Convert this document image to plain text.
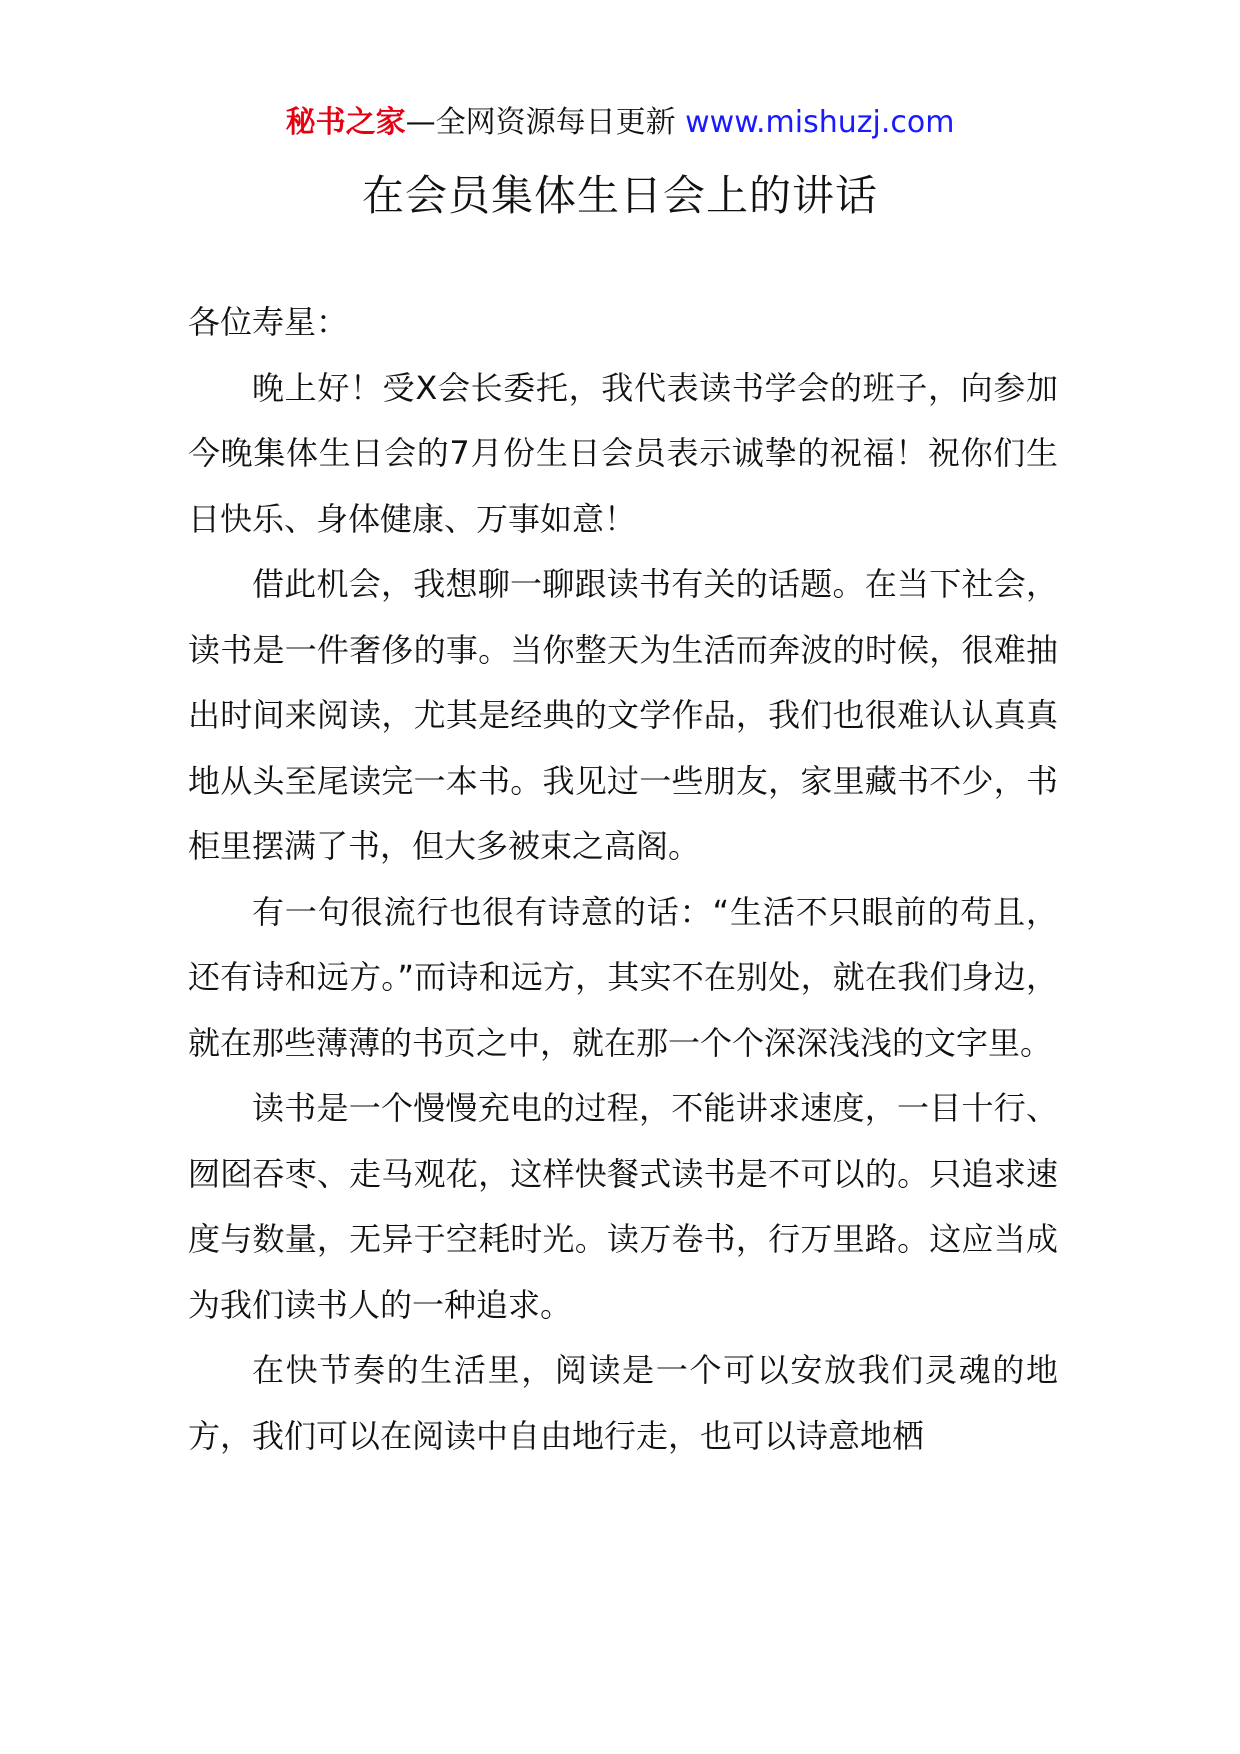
秘书之家—全网资源每日更新 www.mishuzj.com
在会员集体生日会上的讲话

各位寿星：

晚上好！受X会长委托，我代表读书学会的班子，向参加今晚集体生日会的7月份生日会员表示诚挚的祝福！祝你们生日快乐、身体健康、万事如意！

借此机会，我想聊一聊跟读书有关的话题。在当下社会，读书是一件奢侈的事。当你整天为生活而奔波的时候，很难抽出时间来阅读，尤其是经典的文学作品，我们也很难认认真真地从头至尾读完一本书。我见过一些朋友，家里藏书不少，书柜里摆满了书，但大多被束之高阁。

有一句很流行也很有诗意的话：“生活不只眼前的苟且，还有诗和远方。”而诗和远方，其实不在别处，就在我们身边，就在那些薄薄的书页之中，就在那一个个深深浅浅的文字里。

读书是一个慢慢充电的过程，不能讲求速度，一目十行、囫囵吞枣、走马观花，这样快餐式读书是不可以的。只追求速度与数量，无异于空耗时光。读万卷书，行万里路。这应当成为我们读书人的一种追求。

在快节奏的生活里，阅读是一个可以安放我们灵魂的地方，我们可以在阅读中自由地行走，也可以诗意地栖
